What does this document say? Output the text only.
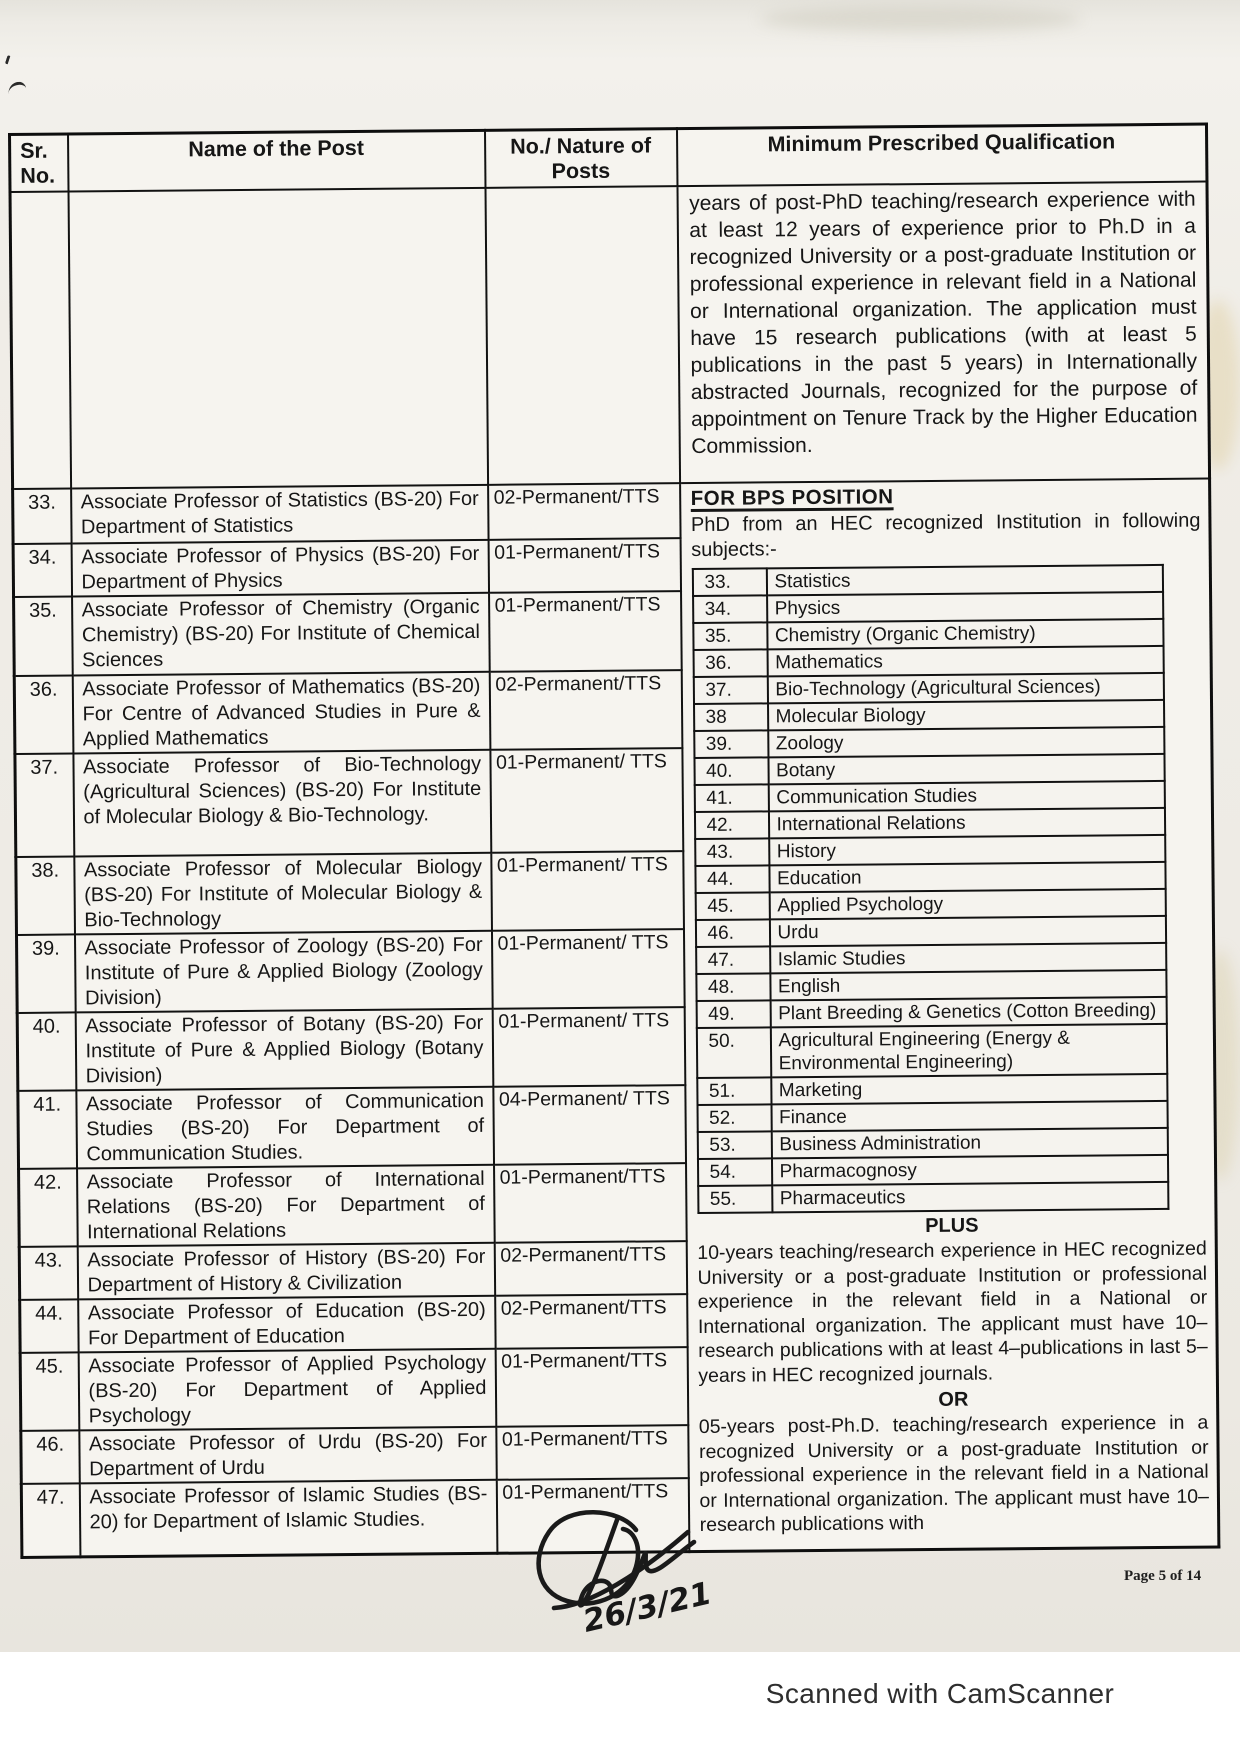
Sr.
No.	Name of the Post	No./ Nature of
Posts	Minimum Prescribed Qualification
			years of post-PhD teaching/research experience with at least 12 years of experience prior to Ph.D in a recognized University or a post-graduate Institution or professional experience in relevant field in a National or International organization. The application must have 15 research publications (with at least 5 publications in the past 5 years) in Internationally abstracted Journals, recognized for the purpose of appointment on Tenure Track by the Higher Education Commission.
33.	Associate Professor of Statistics (BS-20) For Department of Statistics	02-Permanent/TTS	FOR BPS POSITION
PhD from an HEC recognized Institution in following subjects:-
33.	Statistics
34.	Physics
35.	Chemistry (Organic Chemistry)
36.	Mathematics
37.	Bio-Technology (Agricultural Sciences)
38	Molecular Biology
39.	Zoology
40.	Botany
41.	Communication Studies
42.	International Relations
43.	History
44.	Education
45.	Applied Psychology
46.	Urdu
47.	Islamic Studies
48.	English
49.	Plant Breeding & Genetics (Cotton Breeding)
50.	Agricultural Engineering (Energy & Environmental Engineering)
51.	Marketing
52.	Finance
53.	Business Administration
54.	Pharmacognosy
55.	Pharmaceutics
PLUS

10-years teaching/research experience in HEC recognized University or a post-graduate Institution or professional experience in the relevant field in a National or International organization. The applicant must have 10–research publications with at least 4–publications in last 5–years in HEC recognized journals.

OR

05-years post-Ph.D. teaching/research experience in a recognized University or a post-graduate Institution or professional experience in the relevant field in a National or International organization. The applicant must have 10–research publications with

34.	Associate Professor of Physics (BS-20) For Department of Physics	01-Permanent/TTS
35.	Associate Professor of Chemistry (Organic Chemistry) (BS-20) For Institute of Chemical Sciences	01-Permanent/TTS
36.	Associate Professor of Mathematics (BS-20) For Centre of Advanced Studies in Pure & Applied Mathematics	02-Permanent/TTS
37.	Associate Professor of Bio-Technology (Agricultural Sciences) (BS-20) For Institute of Molecular Biology & Bio-Technology.	01-Permanent/ TTS
38.	Associate Professor of Molecular Biology (BS-20) For Institute of Molecular Biology & Bio-Technology	01-Permanent/ TTS
39.	Associate Professor of Zoology (BS-20) For Institute of Pure & Applied Biology (Zoology Division)	01-Permanent/ TTS
40.	Associate Professor of Botany (BS-20) For Institute of Pure & Applied Biology (Botany Division)	01-Permanent/ TTS
41.	Associate Professor of Communication Studies (BS-20) For Department of Communication Studies.	04-Permanent/ TTS
42.	Associate Professor of International Relations (BS-20) For Department of International Relations	01-Permanent/TTS
43.	Associate Professor of History (BS-20) For Department of History & Civilization	02-Permanent/TTS
44.	Associate Professor of Education (BS-20) For Department of Education	02-Permanent/TTS
45.	Associate Professor of Applied Psychology (BS-20) For Department of Applied Psychology	01-Permanent/TTS
46.	Associate Professor of Urdu (BS-20) For Department of Urdu	01-Permanent/TTS
47.	Associate Professor of Islamic Studies (BS-20) for Department of Islamic Studies.	01-Permanent/TTS
26/3/21	Page 5 of 14
Scanned with CamScanner
